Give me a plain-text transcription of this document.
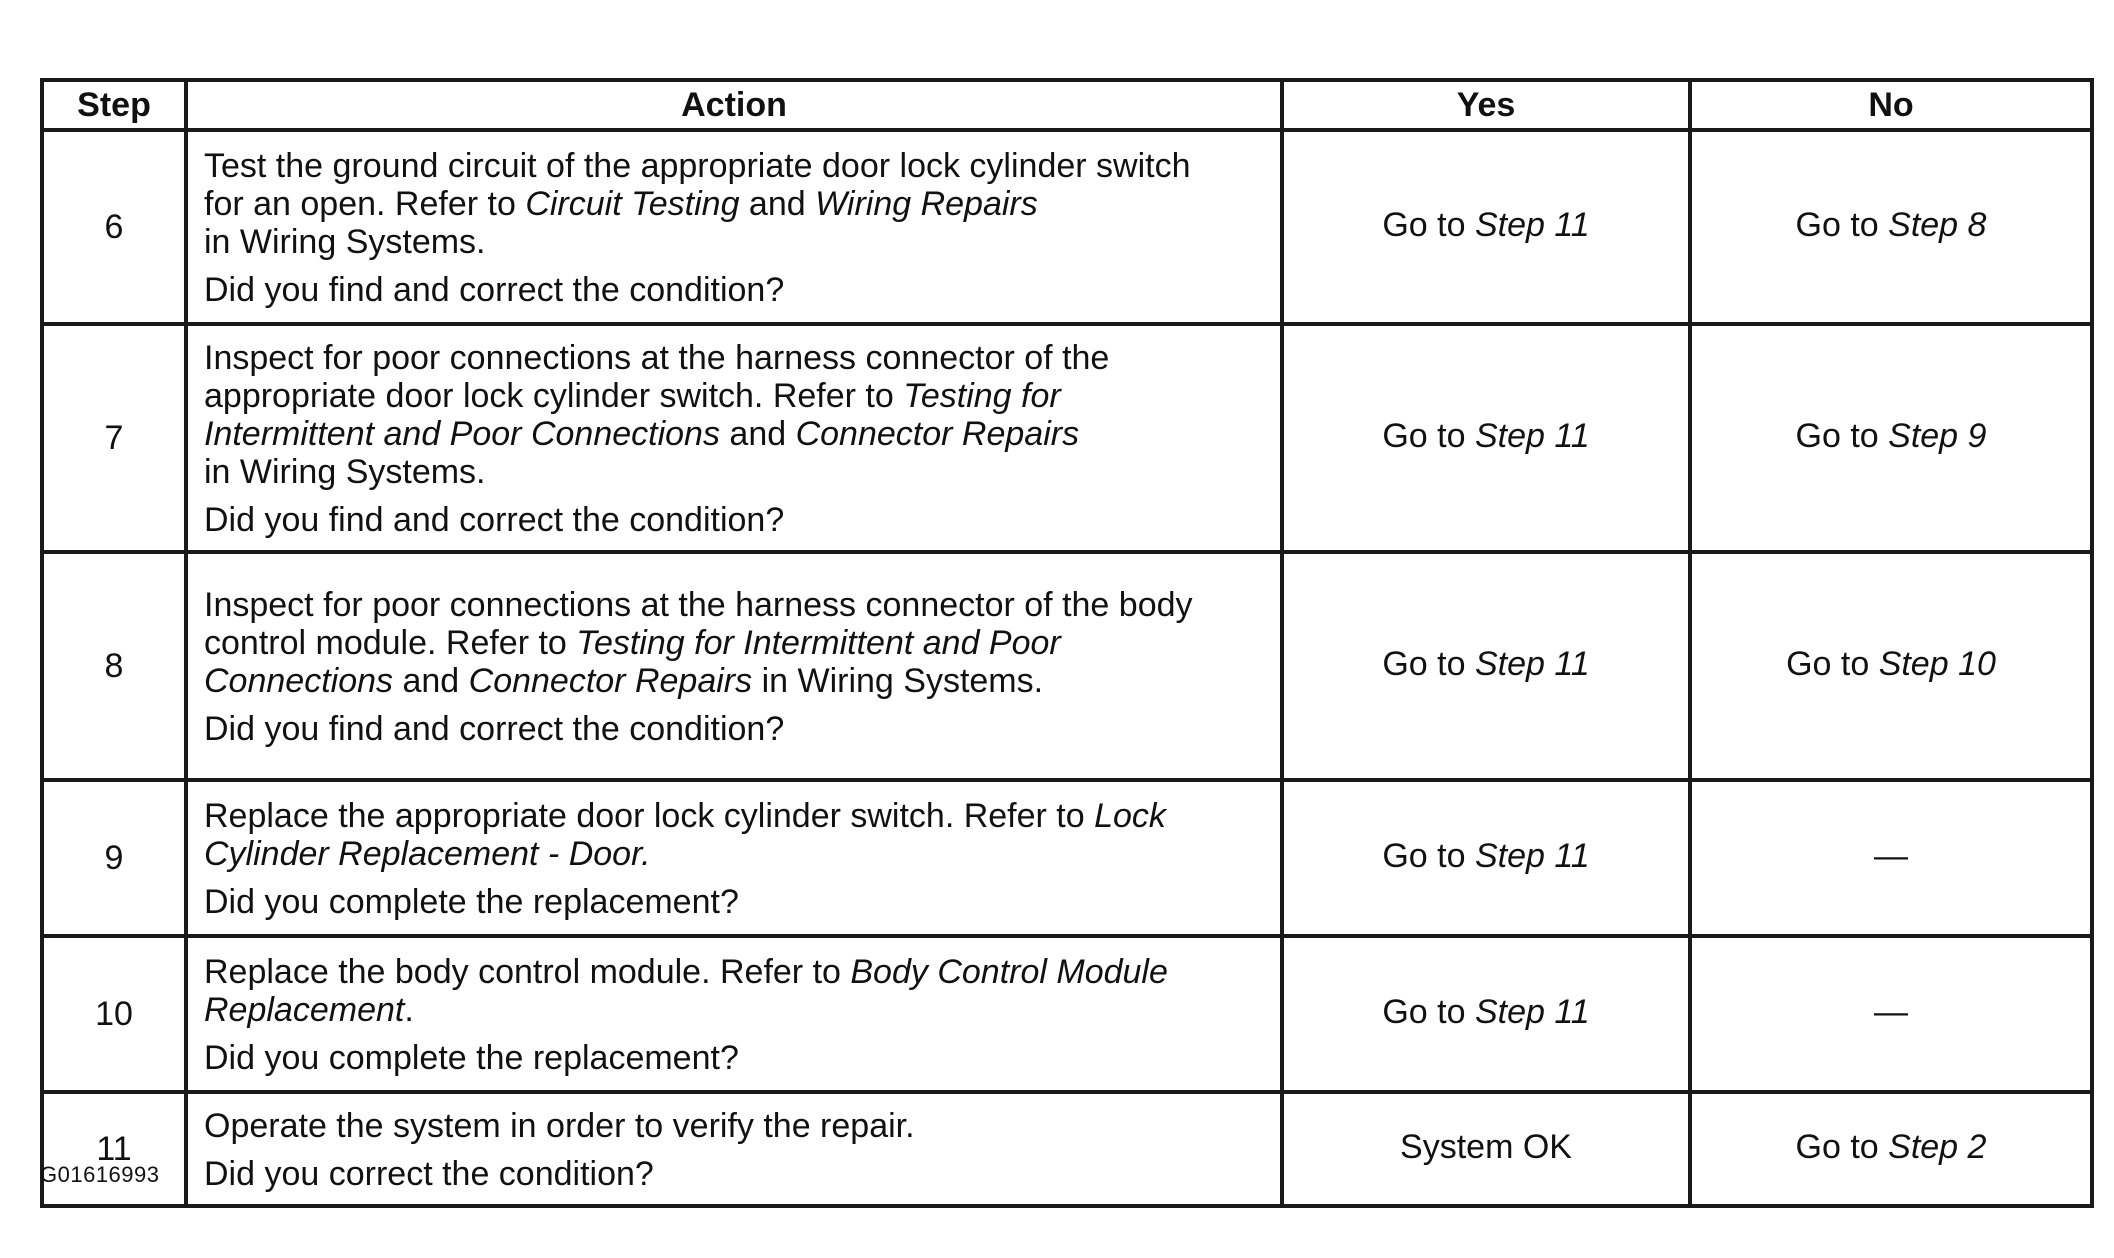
Step	Action	Yes	No
6	Test the ground circuit of the appropriate door lock cylinder switch
for an open. Refer to Circuit Testing and Wiring Repairs
in Wiring Systems.
Did you find and correct the condition?	Go to Step 11	Go to Step 8
7	Inspect for poor connections at the harness connector of the
appropriate door lock cylinder switch. Refer to Testing for
Intermittent and Poor Connections and Connector Repairs
in Wiring Systems.
Did you find and correct the condition?	Go to Step 11	Go to Step 9
8	Inspect for poor connections at the harness connector of the body
control module. Refer to Testing for Intermittent and Poor
Connections and Connector Repairs in Wiring Systems.
Did you find and correct the condition?	Go to Step 11	Go to Step 10
9	Replace the appropriate door lock cylinder switch. Refer to Lock
Cylinder Replacement - Door.
Did you complete the replacement?	Go to Step 11	—
10	Replace the body control module. Refer to Body Control Module
Replacement.
Did you complete the replacement?	Go to Step 11	—
11	Operate the system in order to verify the repair.
Did you correct the condition?	System OK	Go to Step 2
G01616993
